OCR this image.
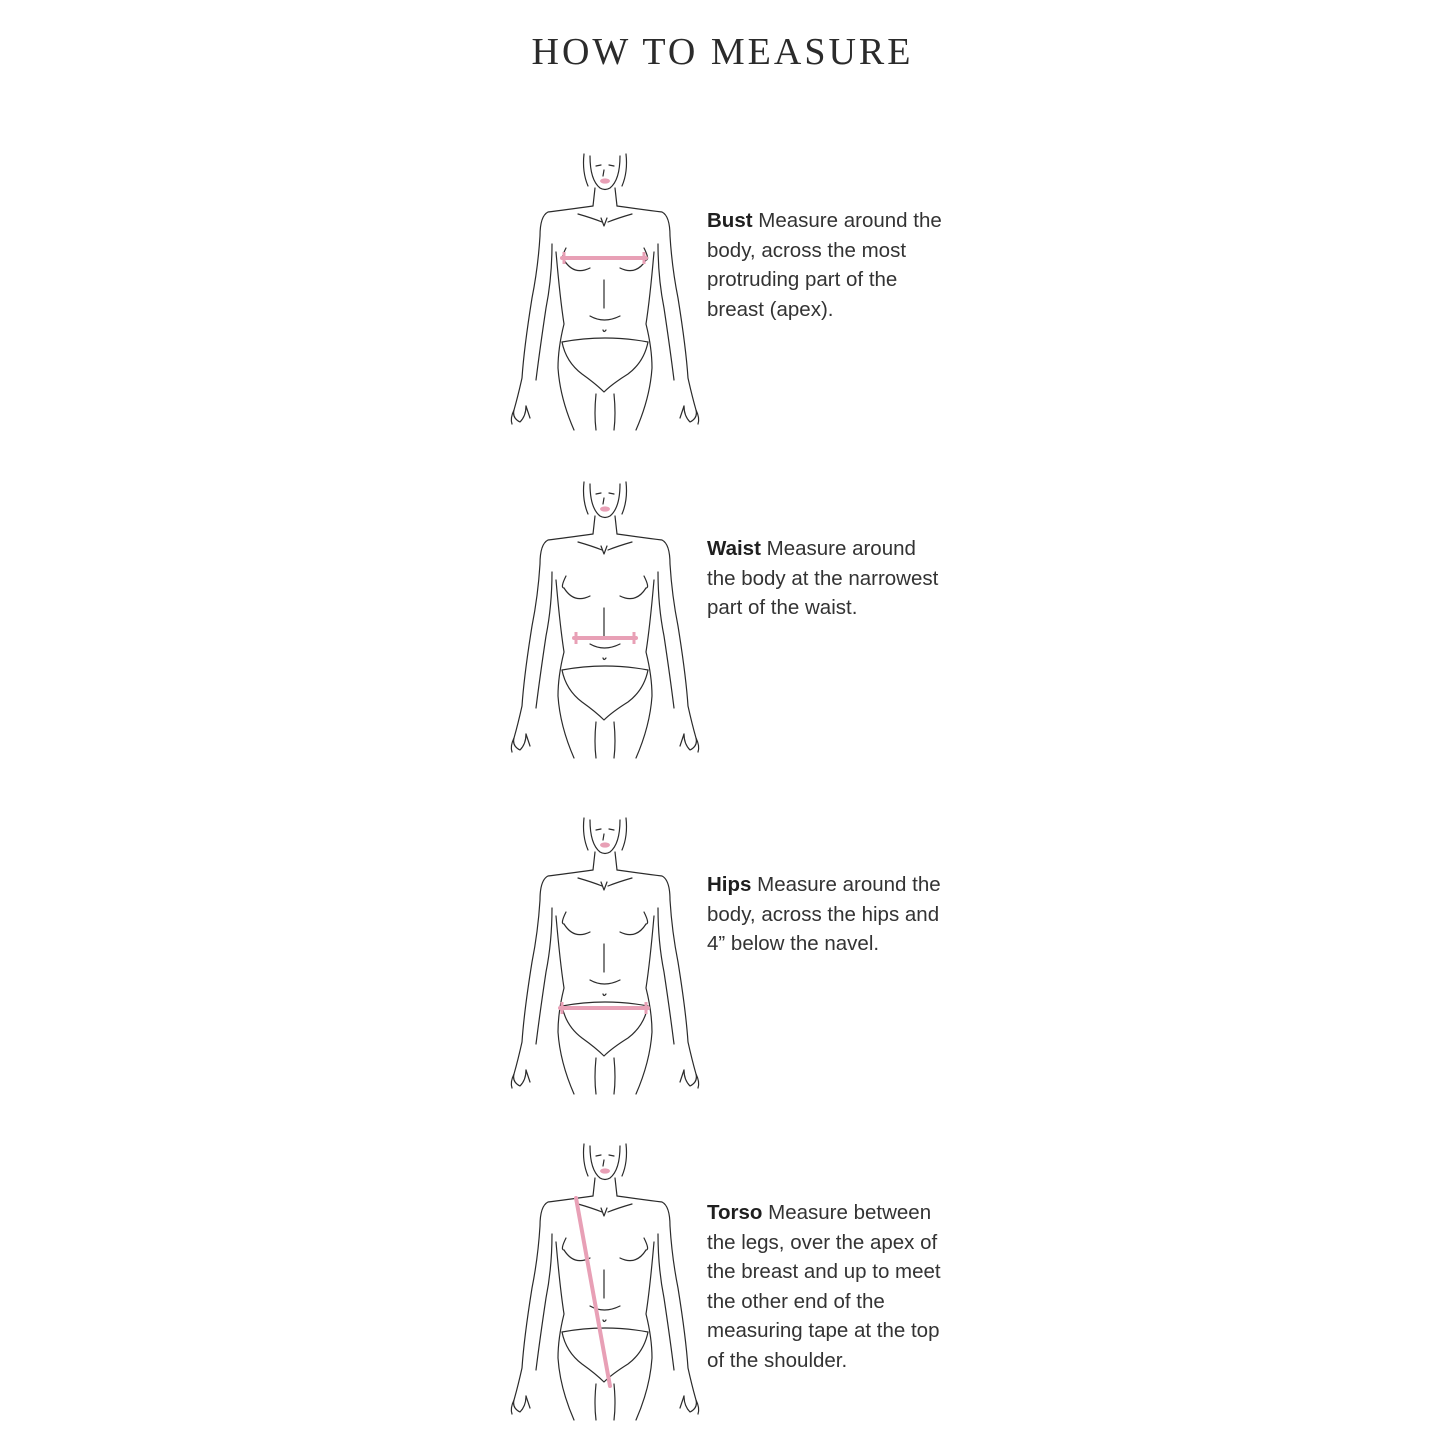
HOW TO MEASURE

Bust Measure around the body, across the most protruding part of the breast (apex).

Waist Measure around the body at the narrowest part of the waist.

Hips Measure around the body, across the hips and 4” below the navel.

Torso Measure between the legs, over the apex of the breast and up to meet the other end of the measuring tape at the top of the shoulder.
